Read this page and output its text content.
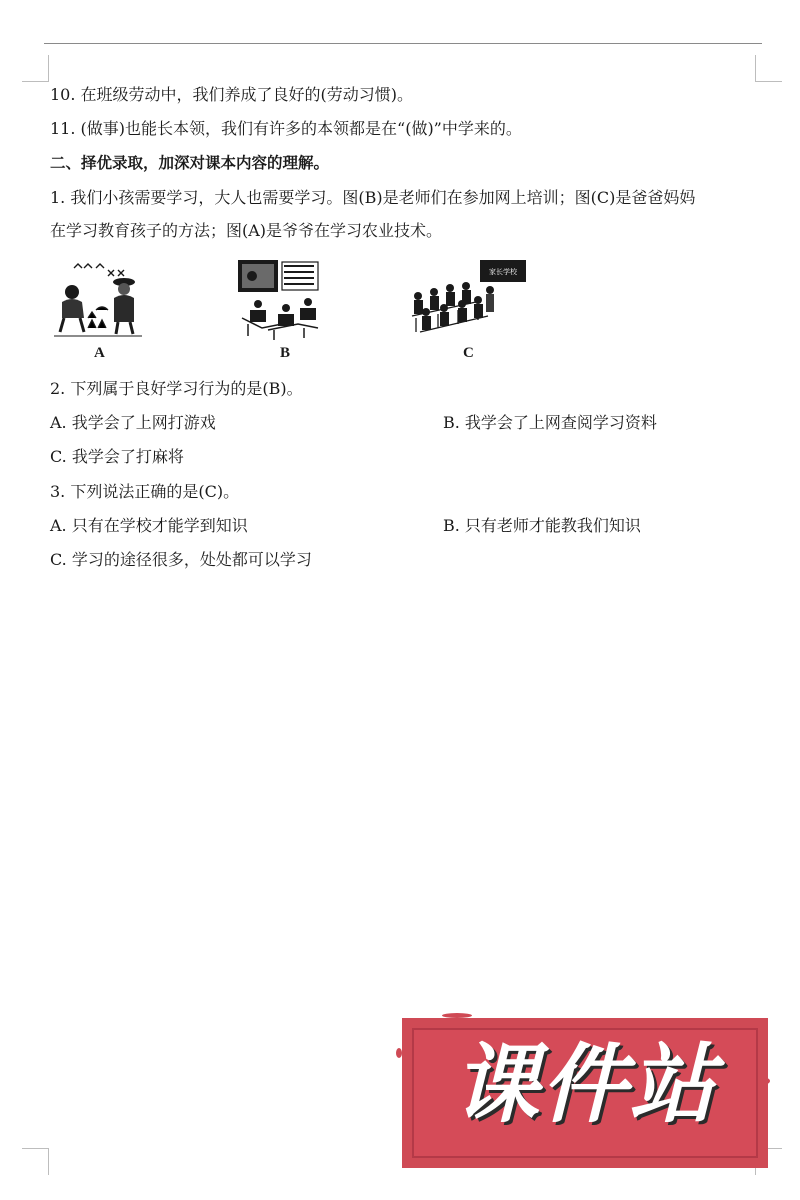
10. 在班级劳动中，我们养成了良好的(劳动习惯)。
11. (做事)也能长本领，我们有许多的本领都是在“(做)”中学来的。
二、择优录取，加深对课本内容的理解。
1. 我们小孩需要学习，大人也需要学习。图(B)是老师们在参加网上培训；图(C)是爸爸妈妈
在学习教育孩子的方法；图(A)是爷爷在学习农业技术。
A	B
家长学校
C
2. 下列属于良好学习行为的是(B)。
A. 我学会了上网打游戏	B. 我学会了上网查阅学习资料
C. 我学会了打麻将
3. 下列说法正确的是(C)。
A. 只有在学校才能学到知识	B. 只有老师才能教我们知识
C. 学习的途径很多，处处都可以学习
课件站
